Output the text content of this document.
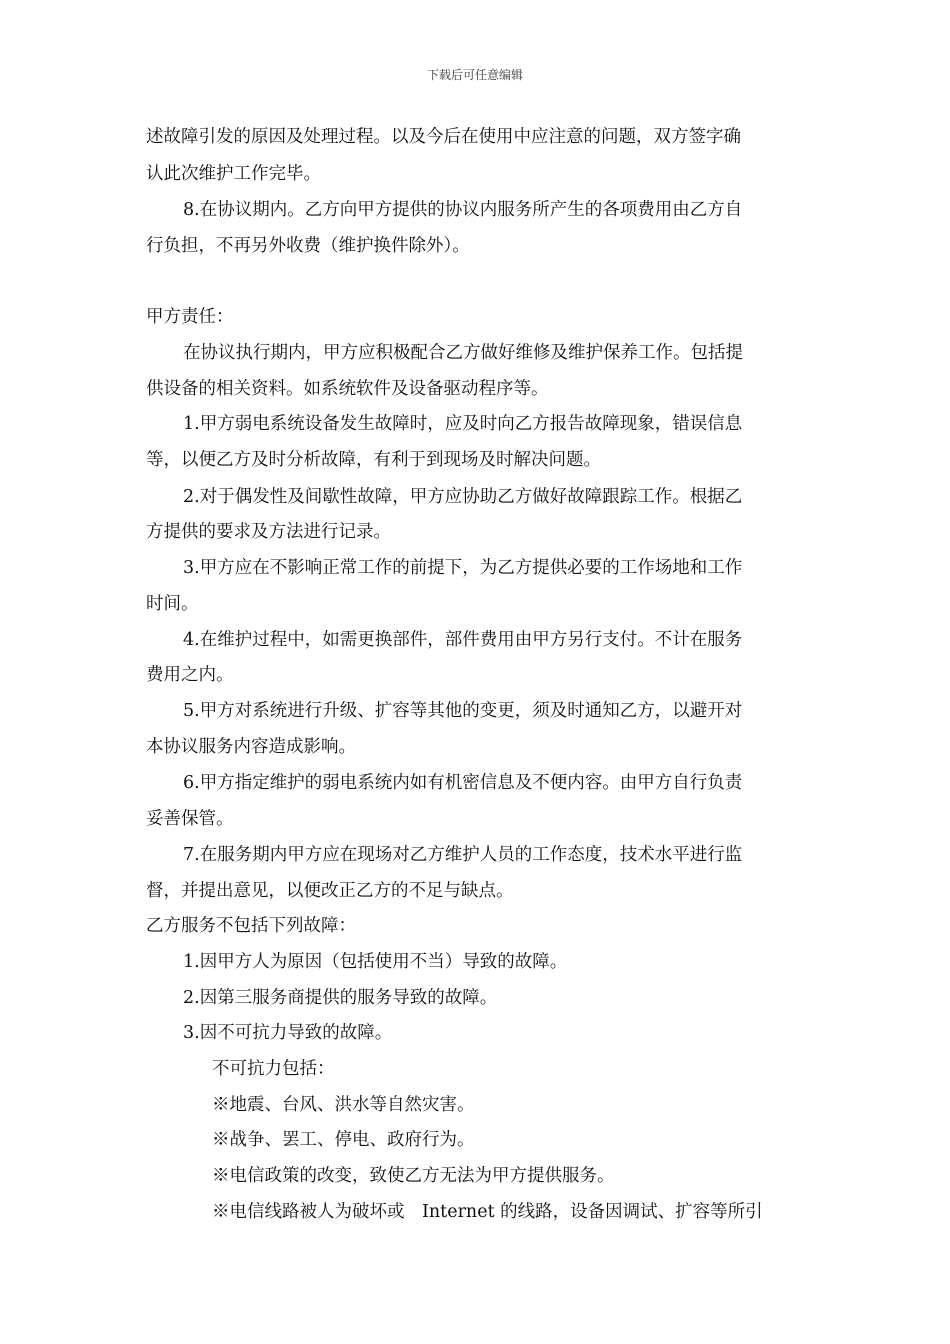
下载后可任意编辑
述故障引发的原因及处理过程。以及今后在使用中应注意的问题，双方签字确
认此次维护工作完毕。
8.在协议期内。乙方向甲方提供的协议内服务所产生的各项费用由乙方自
行负担，不再另外收费（维护换件除外）。
甲方责任：
在协议执行期内，甲方应积极配合乙方做好维修及维护保养工作。包括提
供设备的相关资料。如系统软件及设备驱动程序等。
1.甲方弱电系统设备发生故障时，应及时向乙方报告故障现象，错误信息
等，以便乙方及时分析故障，有利于到现场及时解决问题。
2.对于偶发性及间歇性故障，甲方应协助乙方做好故障跟踪工作。根据乙
方提供的要求及方法进行记录。
3.甲方应在不影响正常工作的前提下，为乙方提供必要的工作场地和工作
时间。
4.在维护过程中，如需更换部件，部件费用由甲方另行支付。不计在服务
费用之内。
5.甲方对系统进行升级、扩容等其他的变更，须及时通知乙方，以避开对
本协议服务内容造成影响。
6.甲方指定维护的弱电系统内如有机密信息及不便内容。由甲方自行负责
妥善保管。
7.在服务期内甲方应在现场对乙方维护人员的工作态度，技术水平进行监
督，并提出意见，以便改正乙方的不足与缺点。
乙方服务不包括下列故障：
1.因甲方人为原因（包括使用不当）导致的故障。
2.因第三服务商提供的服务导致的故障。
3.因不可抗力导致的故障。
不可抗力包括：
※地震、台风、洪水等自然灾害。
※战争、罢工、停电、政府行为。
※电信政策的改变，致使乙方无法为甲方提供服务。
※电信线路被人为破坏或　Internet 的线路，设备因调试、扩容等所引
